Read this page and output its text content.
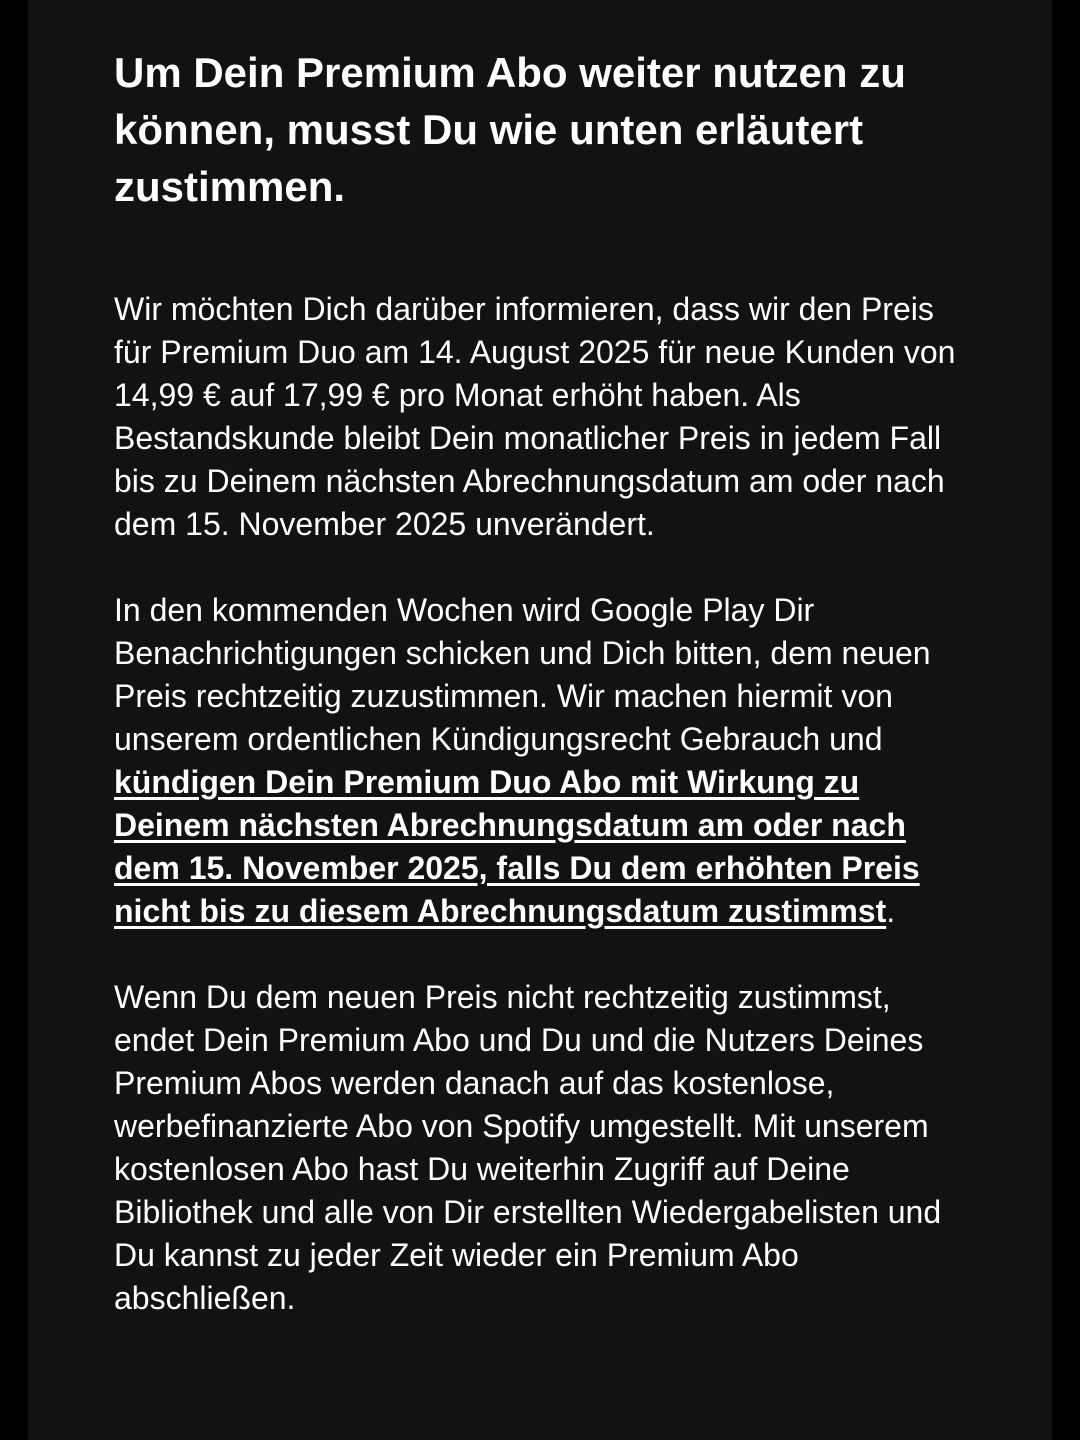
Um Dein Premium Abo weiter nutzen zu können, musst Du wie unten erläutert zustimmen.

Wir möchten Dich darüber informieren, dass wir den Preis für Premium Duo am 14. August 2025 für neue Kunden von 14,99 € auf 17,99 € pro Monat erhöht haben. Als Bestandskunde bleibt Dein monatlicher Preis in jedem Fall bis zu Deinem nächsten Abrechnungsdatum am oder nach dem 15. November 2025 unverändert.

In den kommenden Wochen wird Google Play Dir Benachrichtigungen schicken und Dich bitten, dem neuen Preis rechtzeitig zuzustimmen. Wir machen hiermit von unserem ordentlichen Kündigungsrecht Gebrauch und kündigen Dein Premium Duo Abo mit Wirkung zu Deinem nächsten Abrechnungsdatum am oder nach dem 15. November 2025, falls Du dem erhöhten Preis nicht bis zu diesem Abrechnungsdatum zustimmst.

Wenn Du dem neuen Preis nicht rechtzeitig zustimmst, endet Dein Premium Abo und Du und die Nutzers Deines Premium Abos werden danach auf das kostenlose, werbefinanzierte Abo von Spotify umgestellt. Mit unserem kostenlosen Abo hast Du weiterhin Zugriff auf Deine Bibliothek und alle von Dir erstellten Wiedergabelisten und Du kannst zu jeder Zeit wieder ein Premium Abo abschließen.
